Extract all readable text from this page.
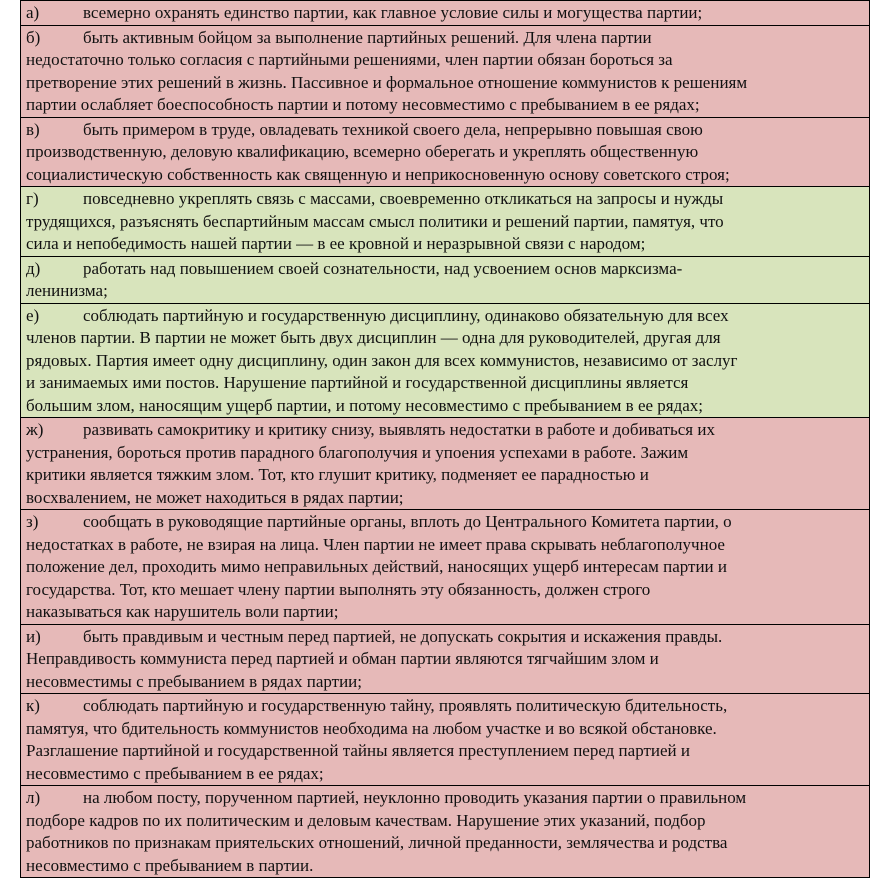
а)	всемерно охранять единство партии, как главное условие силы и могущества партии;
б)	быть активным бойцом за выполнение партийных решений. Для члена партии
недостаточно только согласия с партийными решениями, член партии обязан бороться за
претворение этих решений в жизнь. Пассивное и формальное отношение коммунистов к решениям
партии ослабляет боеспособность партии и потому несовместимо с пребыванием в ее рядах;
в)	быть примером в труде, овладевать техникой своего дела, непрерывно повышая свою
производственную, деловую квалификацию, всемерно оберегать и укреплять общественную
социалистическую собственность как священную и неприкосновенную основу советского строя;
г)	повседневно укреплять связь с массами, своевременно откликаться на запросы и нужды
трудящихся, разъяснять беспартийным массам смысл политики и решений партии, памятуя, что
сила и непобедимость нашей партии — в ее кровной и неразрывной связи с народом;
д)	работать над повышением своей сознательности, над усвоением основ марксизма-
ленинизма;
е)	соблюдать партийную и государственную дисциплину, одинаково обязательную для всех
членов партии. В партии не может быть двух дисциплин — одна для руководителей, другая для
рядовых. Партия имеет одну дисциплину, один закон для всех коммунистов, независимо от заслуг
и занимаемых ими постов. Нарушение партийной и государственной дисциплины является
большим злом, наносящим ущерб партии, и потому несовместимо с пребыванием в ее рядах;
ж) развивать самокритику и критику снизу, выявлять недостатки в работе и добиваться их
устранения, бороться против парадного благополучия и упоения успехами в работе. Зажим
критики является тяжким злом. Тот, кто глушит критику, подменяет ее парадностью и
восхвалением, не может находиться в рядах партии;
з)	сообщать в руководящие партийные органы, вплоть до Центрального Комитета партии, о
недостатках в работе, не взирая на лица. Член партии не имеет права скрывать неблагополучное
положение дел, проходить мимо неправильных действий, наносящих ущерб интересам партии и
государства. Тот, кто мешает члену партии выполнять эту обязанность, должен строго
наказываться как нарушитель воли партии;
и) быть правдивым и честным перед партией, не допускать сокрытия и искажения правды.
Неправдивость коммуниста перед партией и обман партии являются тягчайшим злом и
несовместимы с пребыванием в рядах партии;
к)	соблюдать партийную и государственную тайну, проявлять политическую бдительность,
памятуя, что бдительность коммунистов необходима на любом участке и во всякой обстановке.
Разглашение партийной и государственной тайны является преступлением перед партией и
несовместимо с пребыванием в ее рядах;
л)	на любом посту, порученном партией, неуклонно проводить указания партии о правильном
подборе кадров по их политическим и деловым качествам. Нарушение этих указаний, подбор
работников по признакам приятельских отношений, личной преданности, землячества и родства
несовместимо с пребыванием в партии.
